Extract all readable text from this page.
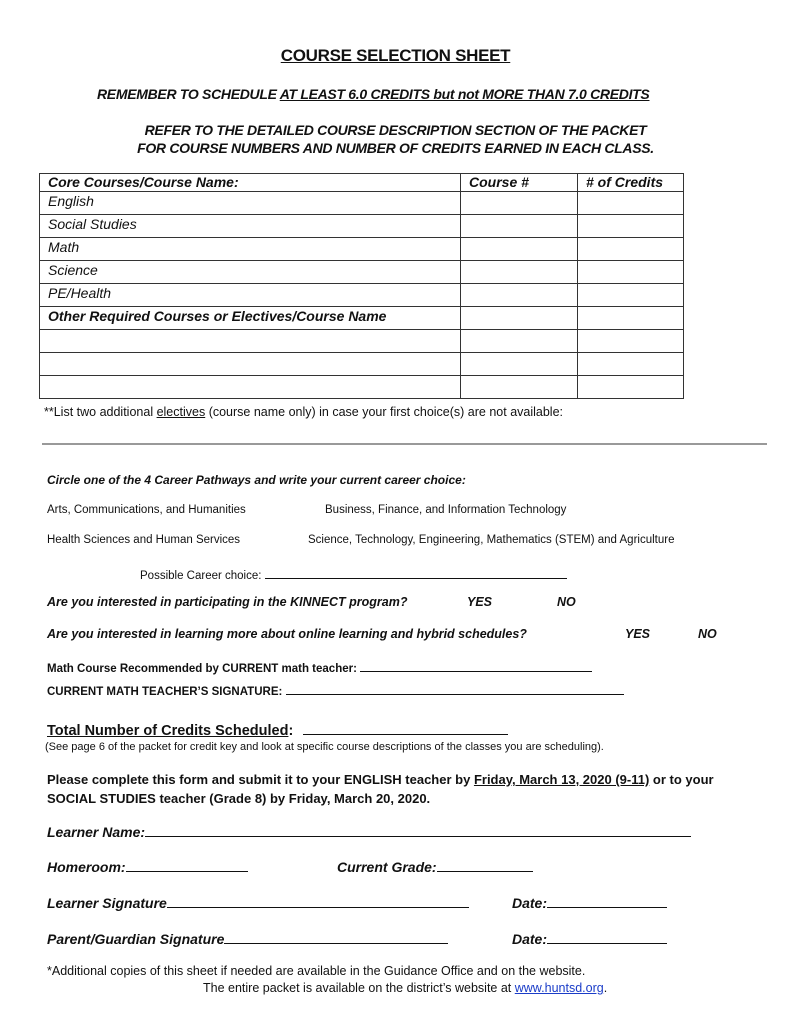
COURSE SELECTION SHEET
REMEMBER TO SCHEDULE AT LEAST 6.0 CREDITS but not MORE THAN 7.0 CREDITS
REFER TO THE DETAILED COURSE DESCRIPTION SECTION OF THE PACKET
FOR COURSE NUMBERS AND NUMBER OF CREDITS EARNED IN EACH CLASS.
Core Courses/Course Name:	Course #	# of Credits
English		
Social Studies		
Math		
Science		
PE/Health		
Other Required Courses or Electives/Course Name		

**List two additional electives (course name only) in case your first choice(s) are not available:
Circle one of the 4 Career Pathways and write your current career choice:
Arts, Communications, and Humanities	Business, Finance, and Information Technology
Health Sciences and Human Services	Science, Technology, Engineering, Mathematics (STEM) and Agriculture
Possible Career choice:
Are you interested in participating in the KINNECT program?	YES	NO
Are you interested in learning more about online learning and hybrid schedules?	YES	NO
Math Course Recommended by CURRENT math teacher:
CURRENT MATH TEACHER’S SIGNATURE:
Total Number of Credits Scheduled:
(See page 6 of the packet for credit key and look at specific course descriptions of the classes you are scheduling).
Please complete this form and submit it to your ENGLISH teacher by Friday, March 13, 2020 (9-11) or to your
SOCIAL STUDIES teacher (Grade 8) by Friday, March 20, 2020.
Learner Name:
Homeroom:	Current Grade:
Learner Signature	Date:
Parent/Guardian Signature	Date:
*Additional copies of this sheet if needed are available in the Guidance Office and on the website.
The entire packet is available on the district’s website at www.huntsd.org.
